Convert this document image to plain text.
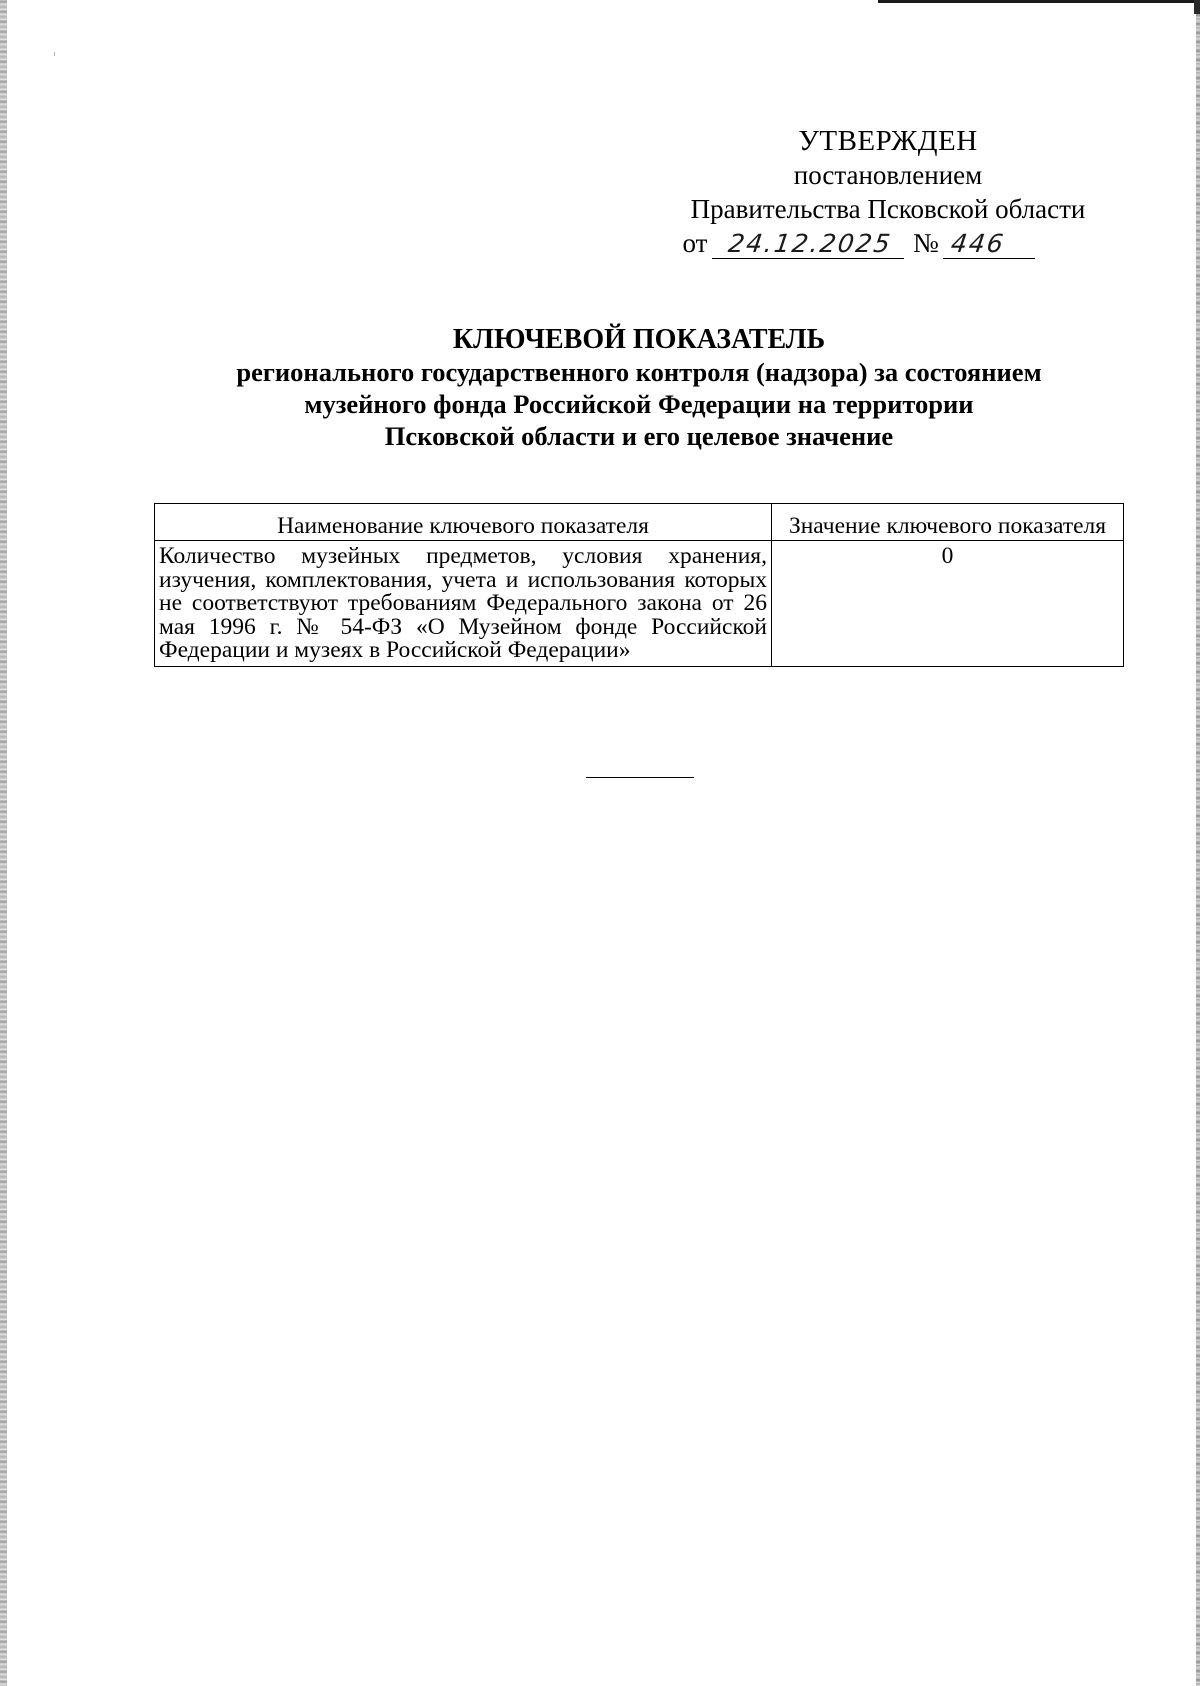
УТВЕРЖДЕН
постановлением
Правительства Псковской области
от 24.12.2025 № 446
КЛЮЧЕВОЙ ПОКАЗАТЕЛЬ
регионального государственного контроля (надзора) за состоянием
музейного фонда Российской Федерации на территории
Псковской области и его целевое значение
Наименование ключевого показателя	Значение ключевого показателя
Количество музейных предметов, условия хранения, изучения, комплектования, учета и использования которых не соответствуют требованиям Федерального закона от 26 мая 1996 г. № 54-ФЗ «О Музейном фонде Российской Федерации и музеях в Российской Федерации»	0
